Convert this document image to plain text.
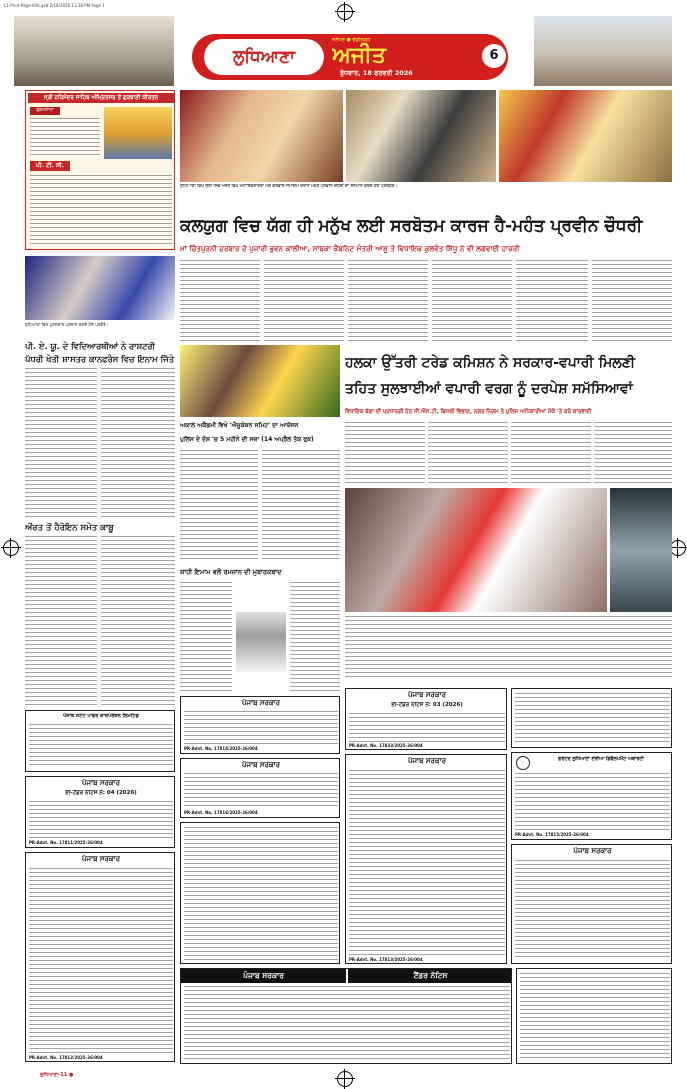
L1-Print-Page-006.qxd 2/18/2026 11:38 PM Page 1
ਲੁਧਿਆਣਾ
ਜਲੰਧਰ ● ਚੰਡੀਗੜ੍ਹ
ਅਜੀਤ
ਬੁੱਧਵਾਰ, 18 ਫਰਵਰੀ 2026
6
ਸ੍ਰੀ ਹਰਿਮੰਦਰ ਸਾਹਿਬ ਅੰਮ੍ਰਿਤਸਰ ਤੋਂ ਗੁਰਬਾਣੀ ਕੀਰਤਨ
ਹੁਕਮਨਾਮਾ
ਪੀ. ਟੀ. ਸੀ.
ਲੁਧਿਆਣਾ ਵਿਖੇ ਸ੍ਰੀ ਸ਼ਿਵ ਮੰਦਰ ਵਿਖੇ ਮਹਾਂਸ਼ਿਵਰਾਤਰੀ ਮੌਕੇ ਕਰਵਾਏ ਸਮਾਗਮ ਦੌਰਾਨ ਮਹੰਤ ਪ੍ਰਵੀਨ ਚੌਧਰੀ ਦਾ ਸਨਮਾਨ ਕਰਦੇ ਹੋਏ ਪ੍ਰਬੰਧਕ।
ਕਲਯੁਗ ਵਿਚ ਯੱਗ ਹੀ ਮਨੁੱਖ ਲਈ ਸਰਬੋਤਮ ਕਾਰਜ ਹੈ-ਮਹੰਤ ਪ੍ਰਵੀਨ ਚੌਧਰੀ
ਮਾਂ ਚਿੰਤਪੁਰਨੀ ਦਰਬਾਰ ਦੇ ਪੁਜਾਰੀ ਭੁਵਨ ਕਾਲੀਆ, ਸਾਬਕਾ ਕੈਬਨਿਟ ਮੰਤਰੀ ਆਸ਼ੂ ਤੇ ਵਿਧਾਇਕ ਕੁਲਵੰਤ ਸਿੱਧੂ ਨੇ ਵੀ ਲਗਵਾਈ ਹਾਜ਼ਰੀ
ਲੁਧਿਆਣਾ ਵਿਖੇ ਪੁਰਸਕਾਰ ਪ੍ਰਦਾਨ ਕਰਦੇ ਹੋਏ ਪਤਵੰਤੇ।
ਪੀ. ਏ. ਯੂ. ਦੇ ਵਿਦਿਆਰਥੀਆਂ ਨੇ ਰਾਸ਼ਟਰੀ ਪੱਧਰੀ ਖੇਤੀ ਸ਼ਾਸਤਰ ਕਾਨਫਰੰਸ ਵਿਚ ਇਨਾਮ ਜਿੱਤੇ
ਔਰਤ ਤੋਂ ਹੈਰੋਇਨ ਸਮੇਤ ਕਾਬੂ
ਅਕਾਲ ਅਕੈਡਮੀ ਵਿਖੇ 'ਐਜੂਕੇਸ਼ਨ ਸਮਿਟ' ਦਾ ਆਯੋਜਨ
ਪੁਲਿਸ ਦੇ ਦੋਸ਼ 'ਚ 5 ਮਹੀਨੇ ਦੀ ਸਜ਼ਾ (14 ਅਪ੍ਰੈਲ ਤੱਕ ਰੁਕ)
ਸ਼ਾਹੀ ਇਮਾਮ ਵਲੋਂ ਰਮਜ਼ਾਨ ਦੀ ਮੁਬਾਰਕਬਾਦ
ਹਲਕਾ ਉੱਤਰੀ ਟਰੇਡ ਕਮਿਸ਼ਨ ਨੇ ਸਰਕਾਰ-ਵਪਾਰੀ ਮਿਲਣੀ
ਤਹਿਤ ਸੁਲਝਾਈਆਂ ਵਪਾਰੀ ਵਰਗ ਨੂੰ ਦਰਪੇਸ਼ ਸਮੱਸਿਆਵਾਂ
ਵਿਧਾਇਕ ਬੱਗਾ ਦੀ ਪ੍ਰਧਾਨਗੀ ਹੇਠ ਜੀ.ਐੱਸ.ਟੀ, ਬਿਜਲੀ ਵਿਭਾਗ, ਨਗਰ ਨਿਗਮ ਤੇ ਪੁਲਿਸ ਅਧਿਕਾਰੀਆਂ ਮੌਕੇ 'ਤੇ ਕਰੋ ਕਾਰਵਾਈ
ਪੰਜਾਬ ਸਟੇਟ ਪਾਵਰ ਕਾਰਪੋਰੇਸ਼ਨ ਲਿਮਟਿਡ
ਪੰਜਾਬ ਸਰਕਾਰ
ਈ-ਟੈਂਡਰ ਨੋਟਿਸ ਨੰ: 04 (2026)
PR-Advt. No. 17811/2025-26/004
ਪੰਜਾਬ ਸਰਕਾਰ
PR-Advt. No. 17812/2025-26/004
ਪੰਜਾਬ ਸਰਕਾਰ
PR-Advt. No. 17814/2025-26/004
ਪੰਜਾਬ ਸਰਕਾਰ
PR-Advt. No. 17816/2025-26/004
ਪੰਜਾਬ ਸਰਕਾਰ
ਈ-ਟੈਂਡਰ ਨੋਟਿਸ ਨੰ: 03 (2026)
PR-Advt. No. 17833/2025-26/004
ਪੰਜਾਬ ਸਰਕਾਰ
PR-Advt. No. 17813/2025-26/004
ਗਰੇਟਰ ਲੁਧਿਆਣਾ ਏਰੀਆ ਡਿਵੈਲਪਮੈਂਟ ਅਥਾਰਟੀ
PR-Advt. No. 17815/2025-26/004
ਪੰਜਾਬ ਸਰਕਾਰ
ਪੰਜਾਬ ਸਰਕਾਰ	ਟੈਂਡਰ ਨੋਟਿਸ
ਲੁਧਿਆਣਾ-11 ●
